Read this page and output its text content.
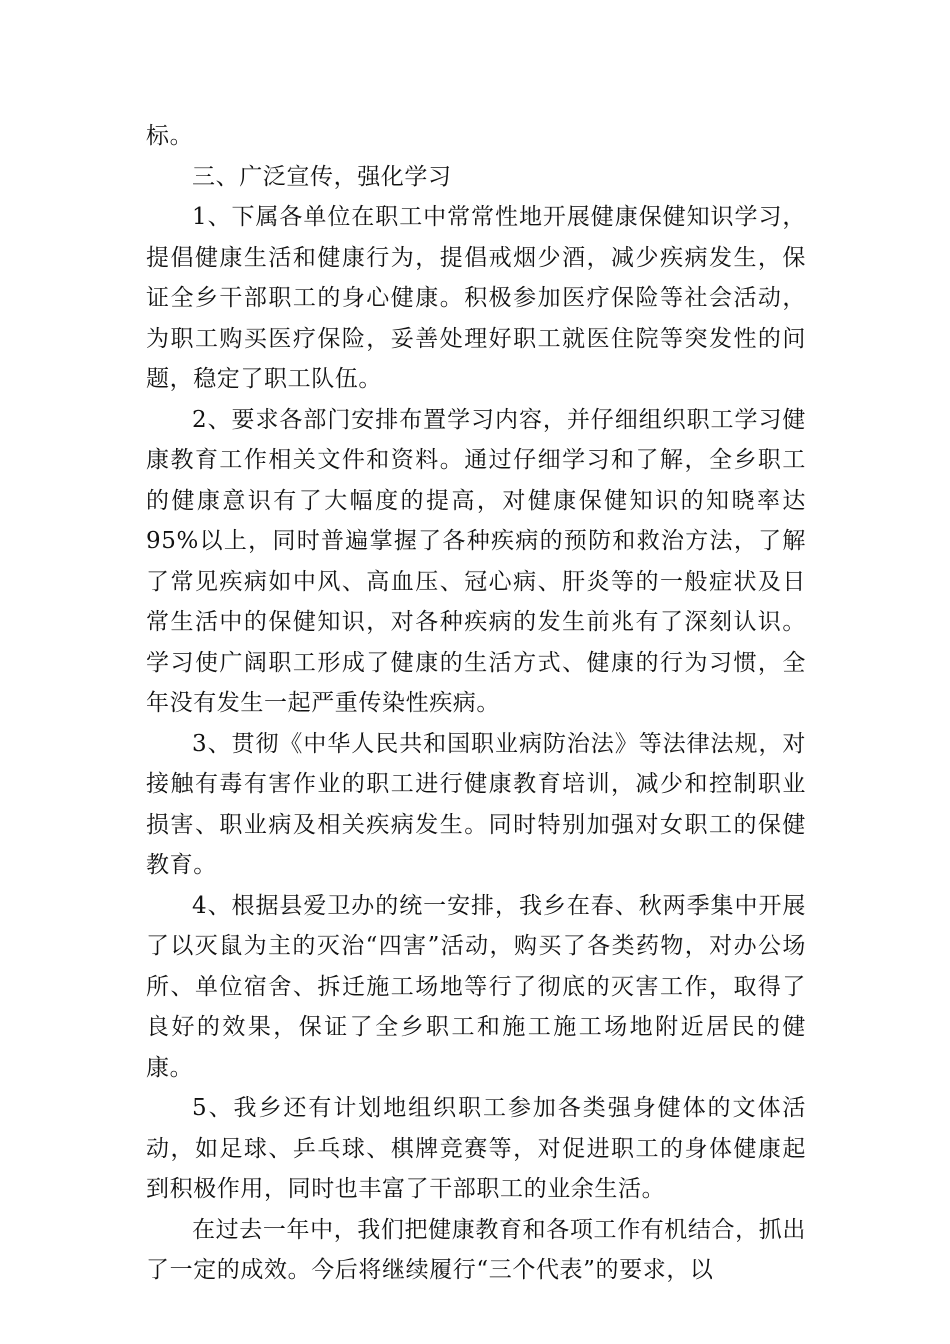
标。

三、广泛宣传，强化学习

1、下属各单位在职工中常常性地开展健康保健知识学习，提倡健康生活和健康行为，提倡戒烟少酒，减少疾病发生，保证全乡干部职工的身心健康。积极参加医疗保险等社会活动，为职工购买医疗保险，妥善处理好职工就医住院等突发性的问题，稳定了职工队伍。

2、要求各部门安排布置学习内容，并仔细组织职工学习健康教育工作相关文件和资料。通过仔细学习和了解，全乡职工的健康意识有了大幅度的提高，对健康保健知识的知晓率达95%以上，同时普遍掌握了各种疾病的预防和救治方法，了解了常见疾病如中风、高血压、冠心病、肝炎等的一般症状及日常生活中的保健知识，对各种疾病的发生前兆有了深刻认识。学习使广阔职工形成了健康的生活方式、健康的行为习惯，全年没有发生一起严重传染性疾病。

3、贯彻《中华人民共和国职业病防治法》等法律法规，对接触有毒有害作业的职工进行健康教育培训，减少和控制职业损害、职业病及相关疾病发生。同时特别加强对女职工的保健教育。

4、根据县爱卫办的统一安排，我乡在春、秋两季集中开展了以灭鼠为主的灭治“四害”活动，购买了各类药物，对办公场所、单位宿舍、拆迁施工场地等行了彻底的灭害工作，取得了良好的效果，保证了全乡职工和施工施工场地附近居民的健康。

5、我乡还有计划地组织职工参加各类强身健体的文体活动，如足球、乒乓球、棋牌竞赛等，对促进职工的身体健康起到积极作用，同时也丰富了干部职工的业余生活。

在过去一年中，我们把健康教育和各项工作有机结合，抓出了一定的成效。今后将继续履行“三个代表”的要求，以
